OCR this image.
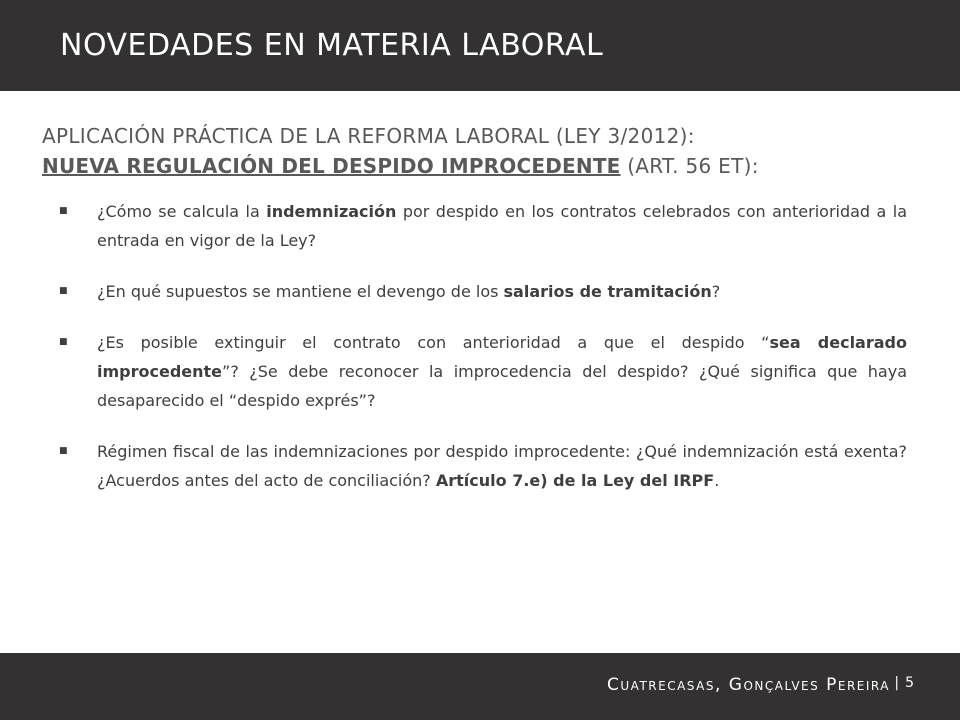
NOVEDADES EN MATERIA LABORAL
APLICACIÓN PRÁCTICA DE LA REFORMA LABORAL (LEY 3/2012):
NUEVA REGULACIÓN DEL DESPIDO IMPROCEDENTE (ART. 56 ET):
■ ¿Cómo se calcula la indemnización por despido en los contratos celebrados con anterioridad a la entrada en vigor de la Ley?
■ ¿En qué supuestos se mantiene el devengo de los salarios de tramitación?
■ ¿Es posible extinguir el contrato con anterioridad a que el despido “sea declarado improcedente”? ¿Se debe reconocer la improcedencia del despido? ¿Qué significa que haya desaparecido el “despido exprés”?
■ Régimen fiscal de las indemnizaciones por despido improcedente: ¿Qué indemnización está exenta? ¿Acuerdos antes del acto de conciliación? Artículo 7.e) de la Ley del IRPF.
Cuatrecasas, Gonçalves Pereira | 5
